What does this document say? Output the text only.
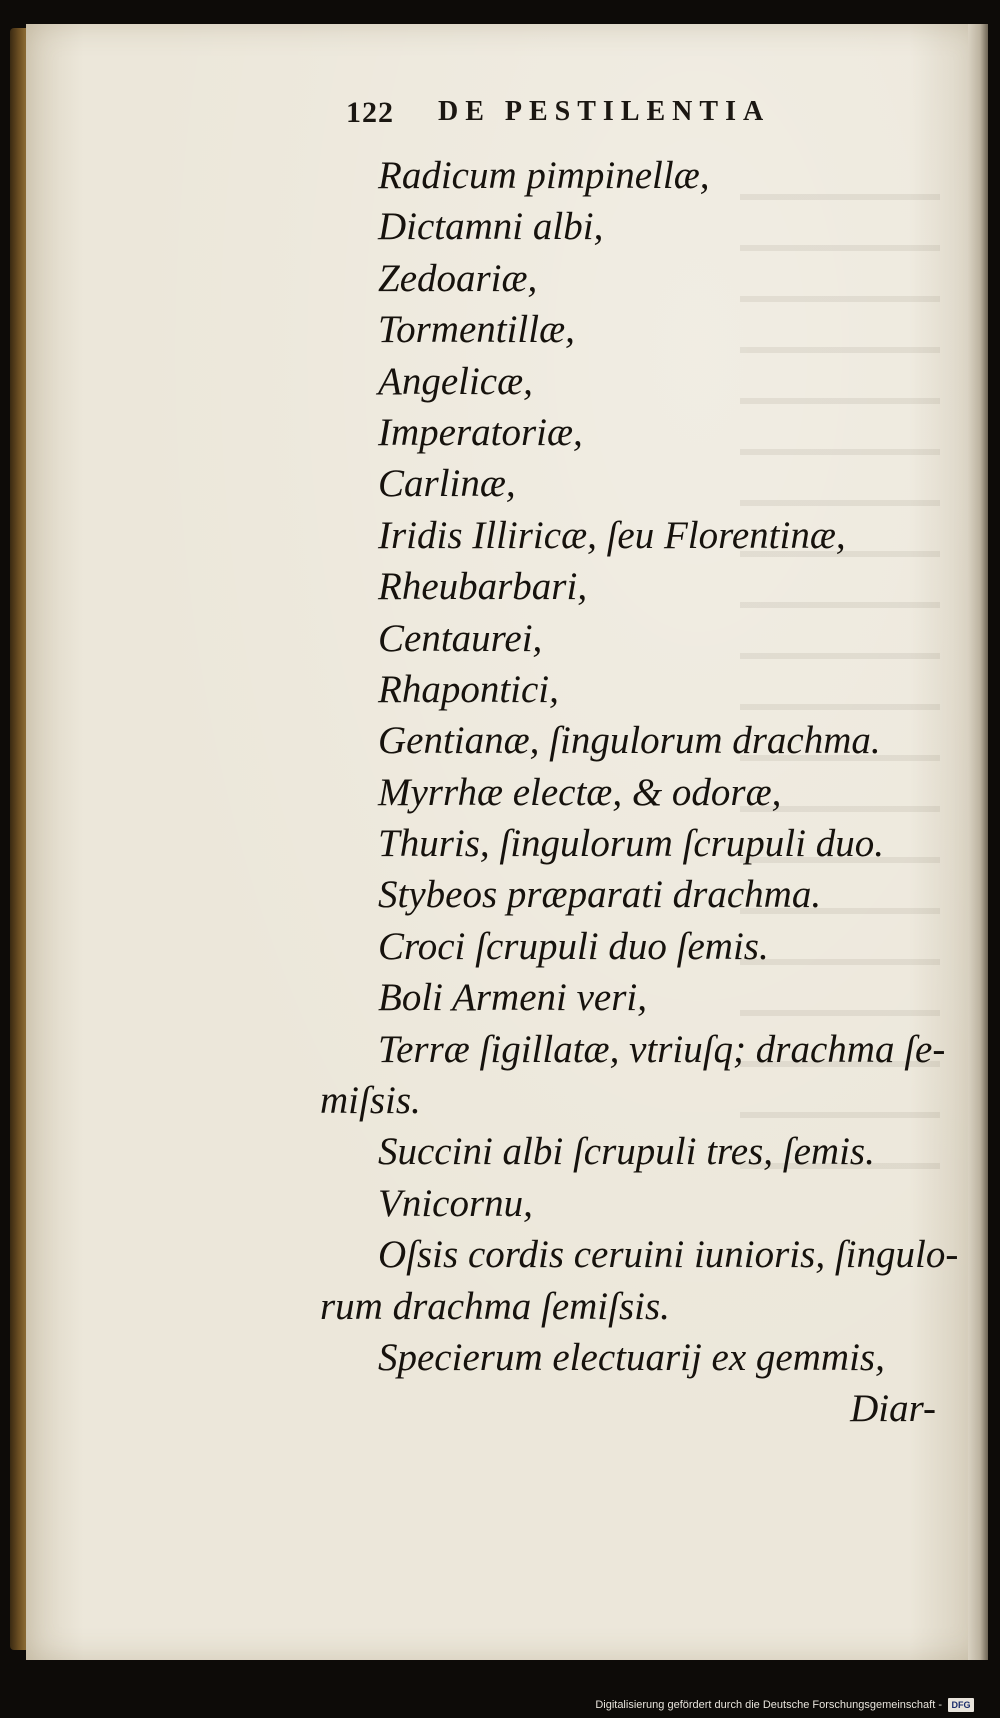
122 DE PESTILENTIA
Radicum pimpinellæ,
Dictamni albi,
Zedoariæ,
Tormentillæ,
Angelicæ,
Imperatoriæ,
Carlinæ,
Iridis Illiricæ, ſeu Florentinæ,
Rheubarbari,
Centaurei,
Rhapontici,
Gentianæ, ſingulorum drachma.
Myrrhæ electæ, & odoræ,
Thuris, ſingulorum ſcrupuli duo.
Stybeos præparati drachma.
Croci ſcrupuli duo ſemis.
Boli Armeni veri,
Terræ ſigillatæ, vtriuſq; drachma ſe-
miſsis.
Succini albi ſcrupuli tres, ſemis.
Vnicornu,
Oſsis cordis ceruini iunioris, ſingulo-
rum drachma ſemiſsis.
Specierum electuarij ex gemmis,
Diar-
Digitalisierung gefördert durch die Deutsche Forschungsgemeinschaft -	DFG
